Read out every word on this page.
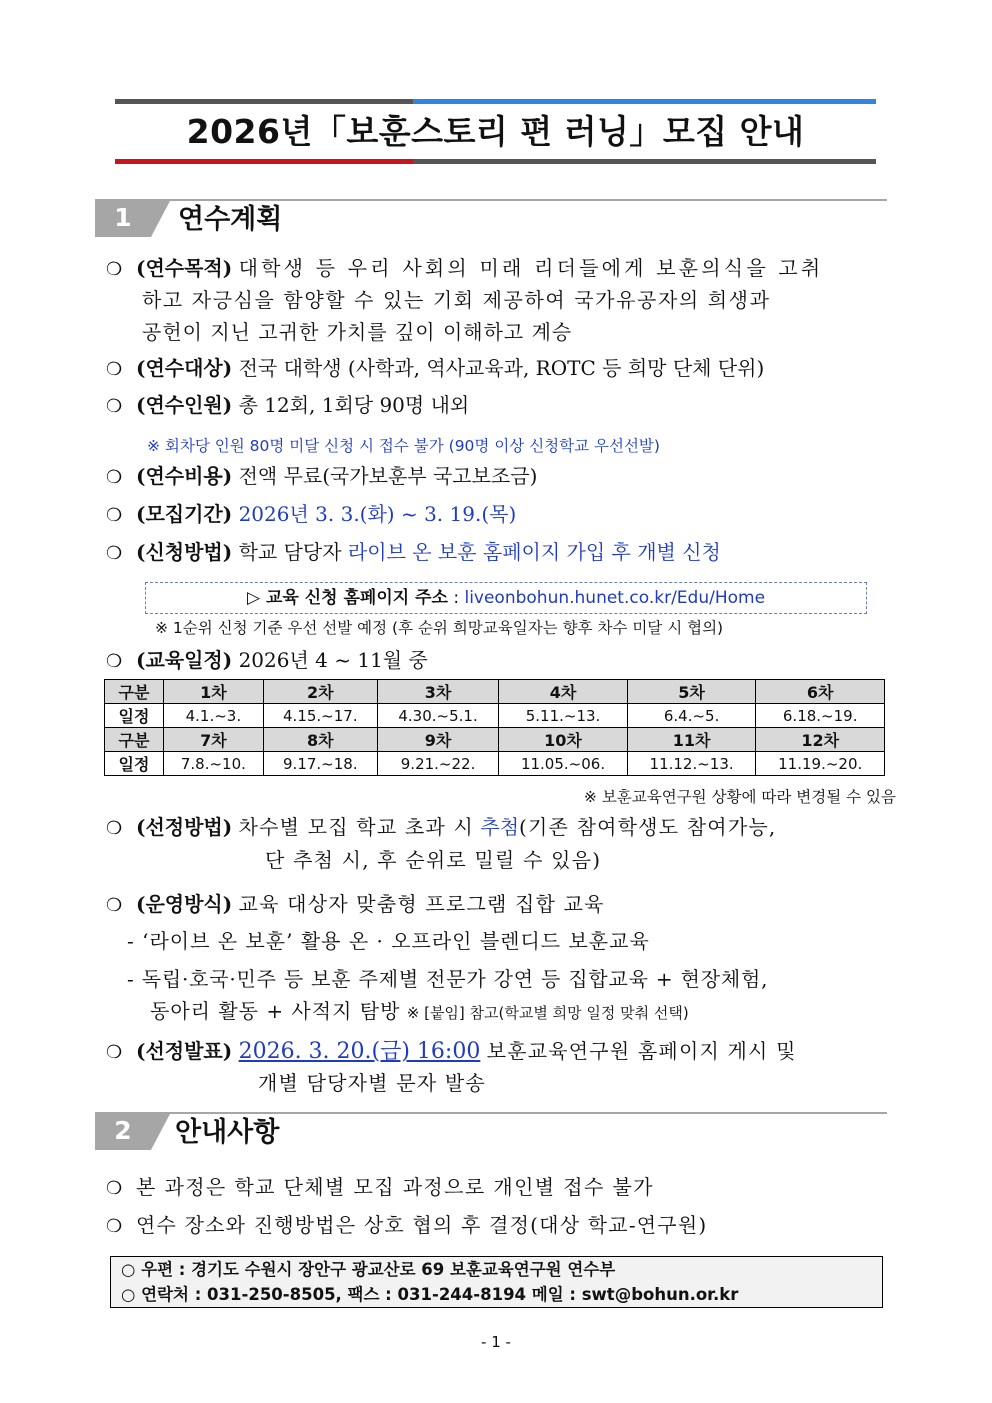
2026년「보훈스토리 편 러닝」모집 안내
1	연수계획
❍ (연수목적) 대학생 등 우리 사회의 미래 리더들에게 보훈의식을 고취
하고 자긍심을 함양할 수 있는 기회 제공하여 국가유공자의 희생과
공헌이 지닌 고귀한 가치를 깊이 이해하고 계승
❍ (연수대상) 전국 대학생 (사학과, 역사교육과, ROTC 등 희망 단체 단위)
❍ (연수인원) 총 12회, 1회당 90명 내외
※ 회차당 인원 80명 미달 신청 시 접수 불가 (90명 이상 신청학교 우선선발)
❍ (연수비용) 전액 무료(국가보훈부 국고보조금)
❍ (모집기간) 2026년 3. 3.(화) ~ 3. 19.(목)
❍ (신청방법) 학교 담당자 라이브 온 보훈 홈페이지 가입 후 개별 신청
▷ 교육 신청 홈페이지 주소 : liveonbohun.hunet.co.kr/Edu/Home
※ 1순위 신청 기준 우선 선발 예정 (후 순위 희망교육일자는 향후 차수 미달 시 협의)
❍ (교육일정) 2026년 4 ~ 11월 중
구분	1차	2차	3차	4차	5차	6차
일정	4.1.~3.	4.15.~17.	4.30.~5.1.	5.11.~13.	6.4.~5.	6.18.~19.
구분	7차	8차	9차	10차	11차	12차
일정	7.8.~10.	9.17.~18.	9.21.~22.	11.05.~06.	11.12.~13.	11.19.~20.
※ 보훈교육연구원 상황에 따라 변경될 수 있음
❍ (선정방법) 차수별 모집 학교 초과 시 추첨(기존 참여학생도 참여가능,
단 추첨 시, 후 순위로 밀릴 수 있음)
❍ (운영방식) 교육 대상자 맞춤형 프로그램 집합 교육
- ‘라이브 온 보훈’ 활용 온 · 오프라인 블렌디드 보훈교육
- 독립·호국·민주 등 보훈 주제별 전문가 강연 등 집합교육 + 현장체험,
동아리 활동 + 사적지 탐방 ※ [붙임] 참고(학교별 희망 일정 맞춰 선택)
❍ (선정발표) 2026. 3. 20.(금) 16:00 보훈교육연구원 홈페이지 게시 및
개별 담당자별 문자 발송
2	안내사항
❍ 본 과정은 학교 단체별 모집 과정으로 개인별 접수 불가
❍ 연수 장소와 진행방법은 상호 협의 후 결정(대상 학교-연구원)
○ 우편 : 경기도 수원시 장안구 광교산로 69 보훈교육연구원 연수부
○ 연락처 : 031-250-8505, 팩스 : 031-244-8194 메일 : swt@bohun.or.kr
- 1 -
